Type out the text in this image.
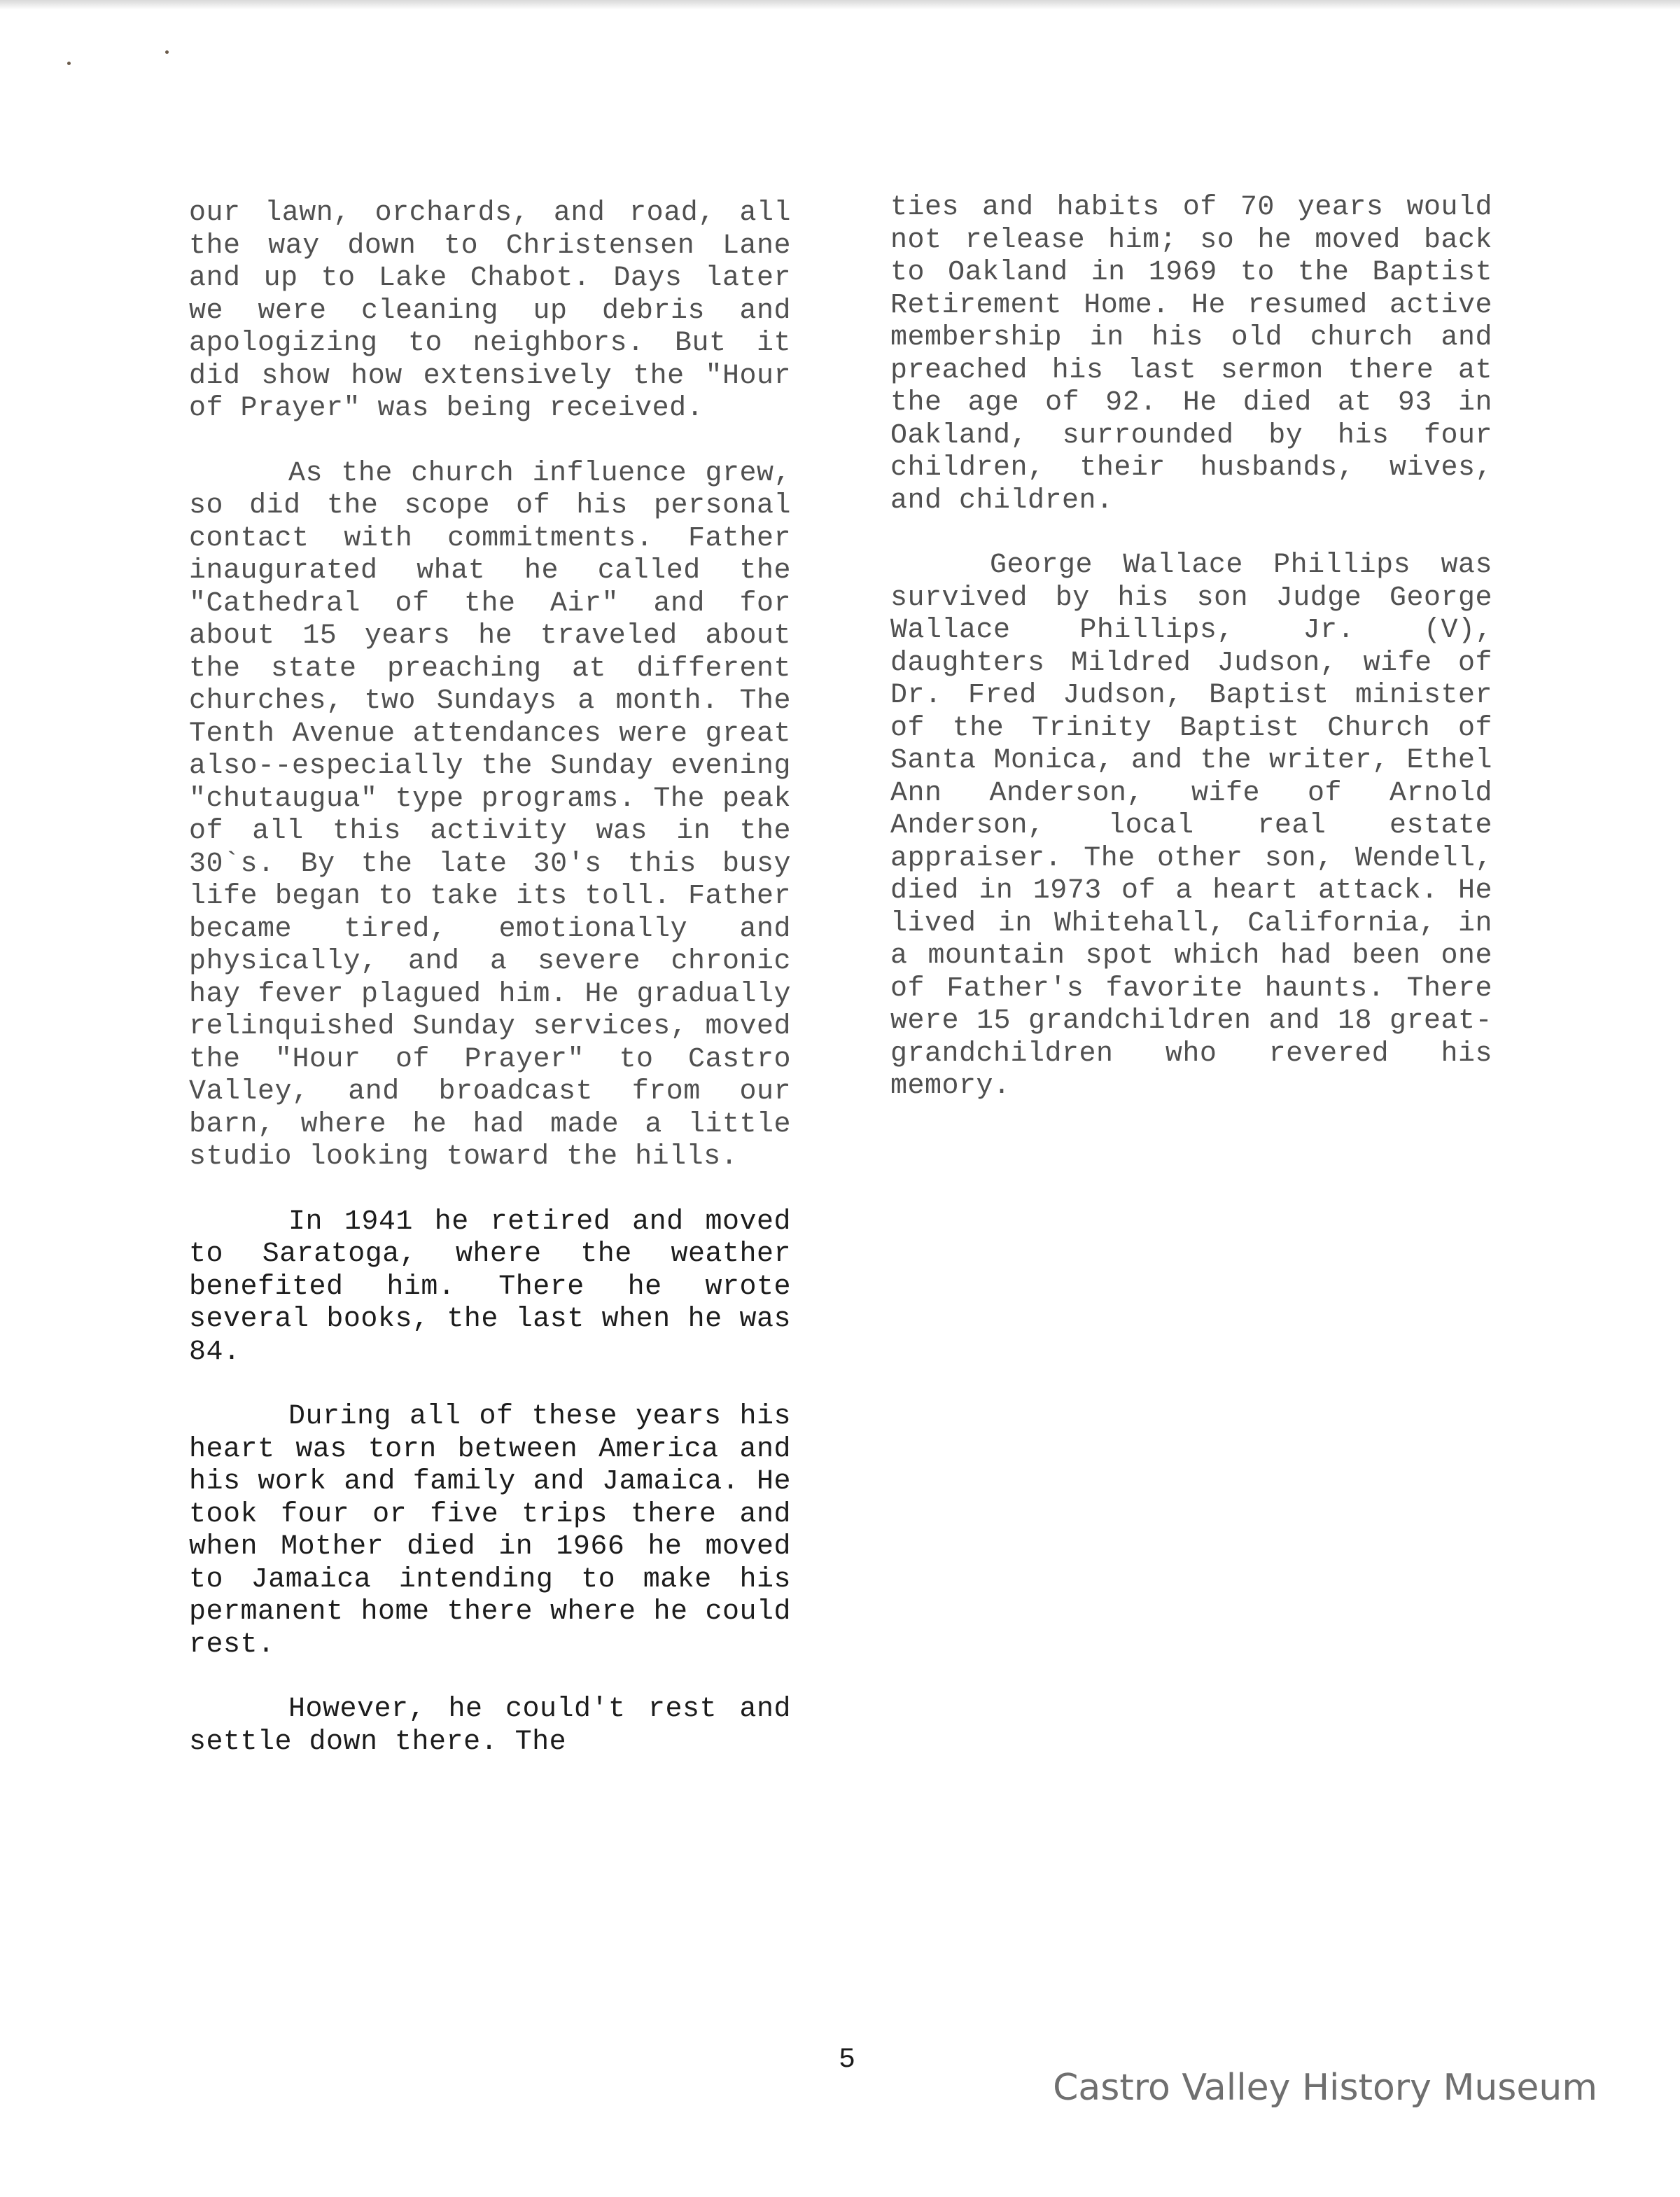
our lawn, orchards, and road, all the way down to Christensen Lane and up to Lake Chabot. Days later we were cleaning up debris and apologizing to neighbors. But it did show how extensively the "Hour of Prayer" was being received.

As the church influence grew, so did the scope of his personal contact with commitments. Father inaugurated what he called the "Cathedral of the Air" and for about 15 years he traveled about the state preaching at different churches, two Sundays a month. The Tenth Avenue attendances were great also--especially the Sunday evening "chutaugua" type programs. The peak of all this activity was in the 30`s. By the late 30's this busy life began to take its toll. Father became tired, emotionally and physically, and a severe chronic hay fever plagued him. He gradually relinquished Sunday services, moved the "Hour of Prayer" to Castro Valley, and broadcast from our barn, where he had made a little studio looking toward the hills.

In 1941 he retired and moved to Saratoga, where the weather benefited him. There he wrote several books, the last when he was 84.

During all of these years his heart was torn between America and his work and family and Jamaica. He took four or five trips there and when Mother died in 1966 he moved to Jamaica intending to make his permanent home there where he could rest.

However, he could't rest and settle down there. The

ties and habits of 70 years would not release him; so he moved back to Oakland in 1969 to the Baptist Retirement Home. He resumed active membership in his old church and preached his last sermon there at the age of 92. He died at 93 in Oakland, surrounded by his four children, their husbands, wives, and children.

George Wallace Phillips was survived by his son Judge George Wallace Phillips, Jr. (V), daughters Mildred Judson, wife of Dr. Fred Judson, Baptist minister of the Trinity Baptist Church of Santa Monica, and the writer, Ethel Ann Anderson, wife of Arnold Anderson, local real estate appraiser. The other son, Wendell, died in 1973 of a heart attack. He lived in Whitehall, California, in a mountain spot which had been one of Father's favorite haunts. There were 15 grandchildren and 18 great-grandchildren who revered his memory.

5
Castro Valley History Museum
